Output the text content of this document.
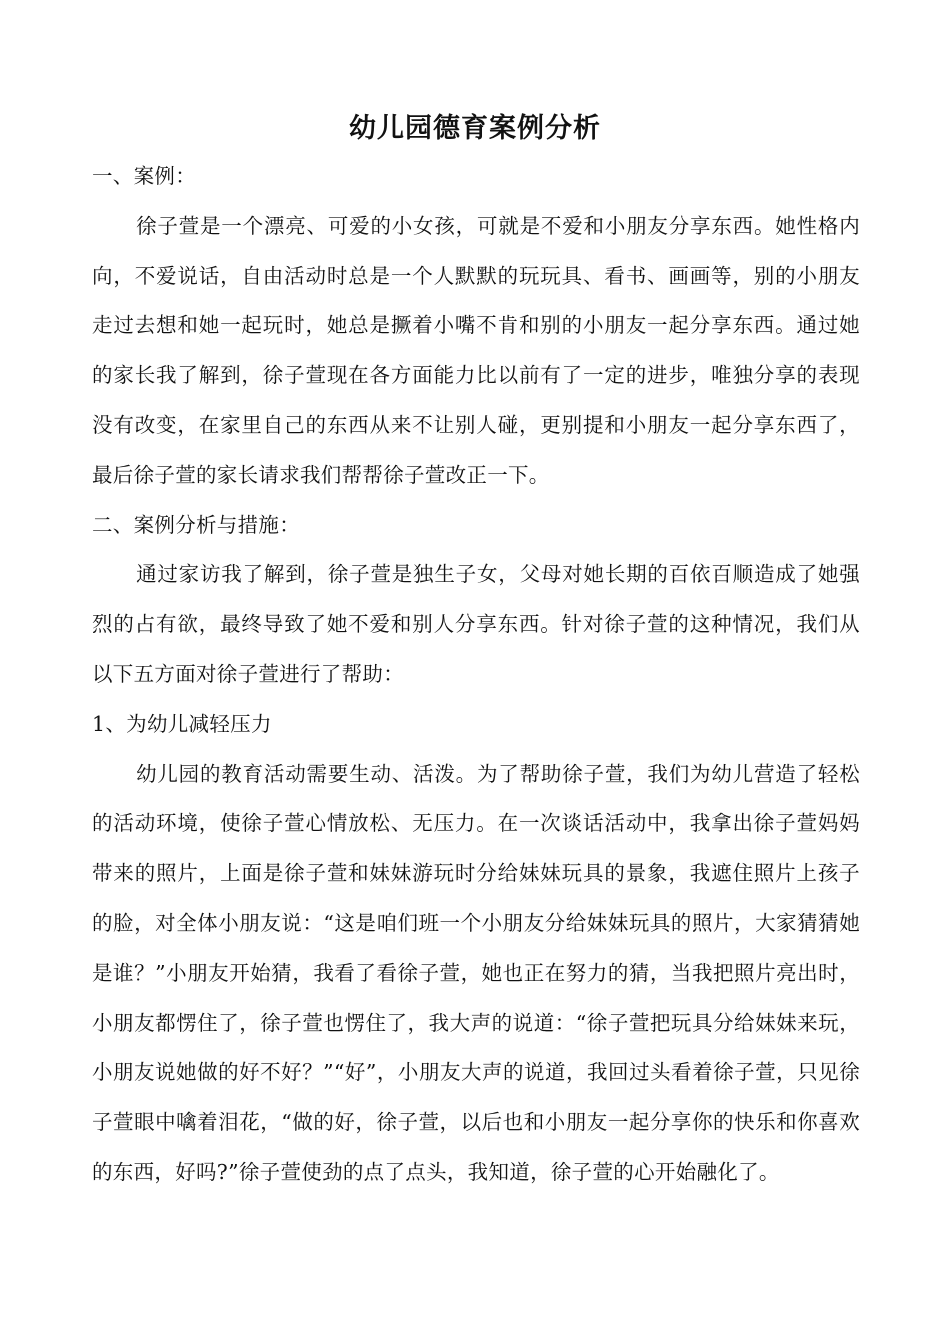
幼儿园德育案例分析

一、案例：

徐子萱是一个漂亮、可爱的小女孩，可就是不爱和小朋友分享东西。她性格内向，不爱说话，自由活动时总是一个人默默的玩玩具、看书、画画等，别的小朋友走过去想和她一起玩时，她总是撅着小嘴不肯和别的小朋友一起分享东西。通过她的家长我了解到，徐子萱现在各方面能力比以前有了一定的进步，唯独分享的表现没有改变，在家里自己的东西从来不让别人碰，更别提和小朋友一起分享东西了，最后徐子萱的家长请求我们帮帮徐子萱改正一下。

二、案例分析与措施：

通过家访我了解到，徐子萱是独生子女，父母对她长期的百依百顺造成了她强烈的占有欲，最终导致了她不爱和别人分享东西。针对徐子萱的这种情况，我们从以下五方面对徐子萱进行了帮助：

1、为幼儿减轻压力

幼儿园的教育活动需要生动、活泼。为了帮助徐子萱，我们为幼儿营造了轻松的活动环境，使徐子萱心情放松、无压力。在一次谈话活动中，我拿出徐子萱妈妈带来的照片，上面是徐子萱和妹妹游玩时分给妹妹玩具的景象，我遮住照片上孩子的脸，对全体小朋友说：“这是咱们班一个小朋友分给妹妹玩具的照片，大家猜猜她是谁？”小朋友开始猜，我看了看徐子萱，她也正在努力的猜，当我把照片亮出时，小朋友都愣住了，徐子萱也愣住了，我大声的说道：“徐子萱把玩具分给妹妹来玩，小朋友说她做的好不好？”“好”，小朋友大声的说道，我回过头看着徐子萱，只见徐子萱眼中噙着泪花，“做的好，徐子萱，以后也和小朋友一起分享你的快乐和你喜欢的东西，好吗?”徐子萱使劲的点了点头，我知道，徐子萱的心开始融化了。
